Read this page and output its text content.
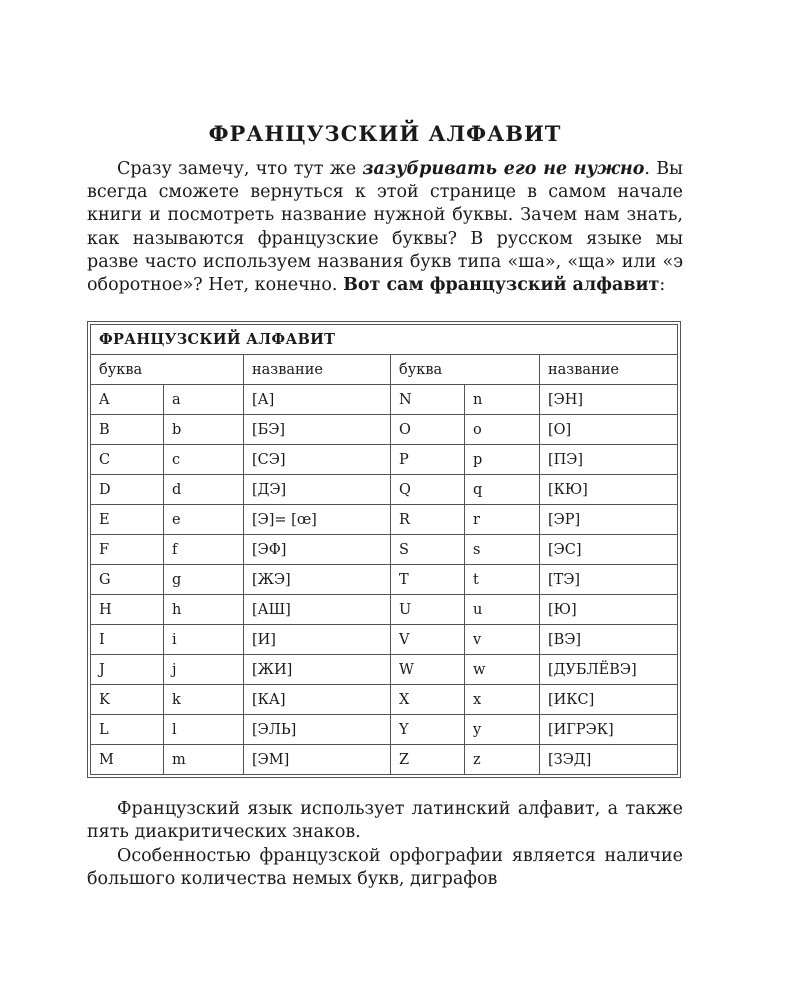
ФРАНЦУЗСКИЙ АЛФАВИТ

Сразу замечу, что тут же зазубривать его не нужно. Вы всегда сможете вернуться к этой странице в самом начале книги и посмотреть название нужной буквы. Зачем нам знать, как называются французские буквы? В русском языке мы разве часто используем названия букв типа «ша», «ща» или «э оборотное»? Нет, конечно. Вот сам французский алфавит:

ФРАНЦУЗСКИЙ АЛФАВИТ					
буква		название	буква		название
A	a	[А]	N	n	[ЭН]
B	b	[БЭ]	O	o	[О]
C	c	[СЭ]	P	p	[ПЭ]
D	d	[ДЭ]	Q	q	[КЮ]
E	e	[Э]= [œ]	R	r	[ЭР]
F	f	[ЭФ]	S	s	[ЭС]
G	g	[ЖЭ]	T	t	[ТЭ]
H	h	[АШ]	U	u	[Ю]
I	i	[И]	V	v	[ВЭ]
J	j	[ЖИ]	W	w	[ДУБЛЁВЭ]
K	k	[КА]	X	x	[ИКС]
L	l	[ЭЛЬ]	Y	y	[ИГРЭК]
M	m	[ЭМ]	Z	z	[ЗЭД]

Французский язык использует латинский алфавит, а также пять диакритических знаков.

Особенностью французской орфографии является наличие большого количества немых букв, диграфов
